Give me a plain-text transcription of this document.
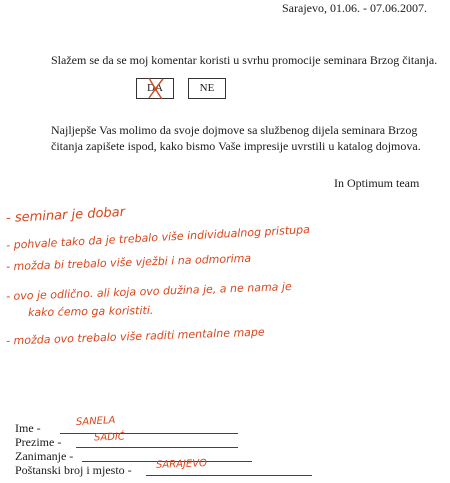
Sarajevo, 01.06. - 07.06.2007.
Slažem se da se moj komentar koristi u svrhu promocije seminara Brzog čitanja.
DA	NE
Najljepše Vas molimo da svoje dojmove sa službenog dijela seminara Brzog
čitanja zapišete ispod, kako bismo Vaše impresije uvrstili u katalog dojmova.
In Optimum team
- seminar je dobar
- pohvale tako da je trebalo više individualnog pristupa
- možda bi trebalo više vježbi i na odmorima
- ovo je odlično. ali koja ovo dužina je, a ne nama je
kako ćemo ga koristiti.
- možda ovo trebalo više raditi mentalne mape
Ime -	SANELA
Prezime -	SADIĆ
Zanimanje -
Poštanski broj i mjesto - SARAJEVO
